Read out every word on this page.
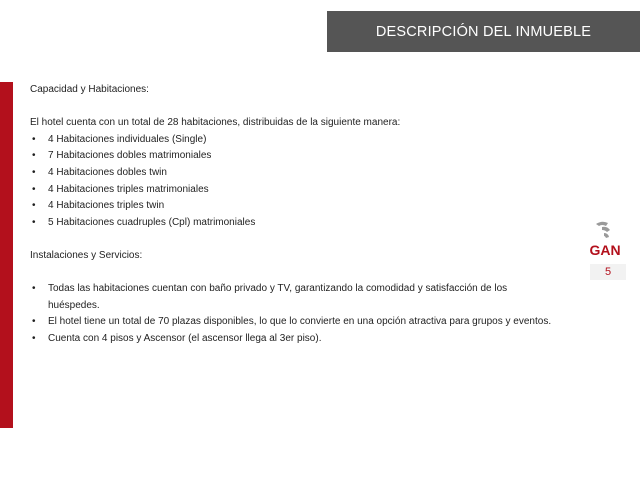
DESCRIPCIÓN DEL INMUEBLE

Capacidad y Habitaciones:

El hotel cuenta con un total de 28 habitaciones, distribuidas de la siguiente manera:

• 4 Habitaciones individuales (Single)
• 7 Habitaciones dobles matrimoniales
• 4 Habitaciones dobles twin
• 4 Habitaciones triples matrimoniales
• 4 Habitaciones triples twin
• 5 Habitaciones cuadruples (Cpl) matrimoniales

Instalaciones y Servicios:

• Todas las habitaciones cuentan con baño privado y TV, garantizando la comodidad y satisfacción de los huéspedes.
• El hotel tiene un total de 70 plazas disponibles, lo que lo convierte en una opción atractiva para grupos y eventos.
• Cuenta con 4 pisos y Ascensor (el ascensor llega al 3er piso).
GAN
5
